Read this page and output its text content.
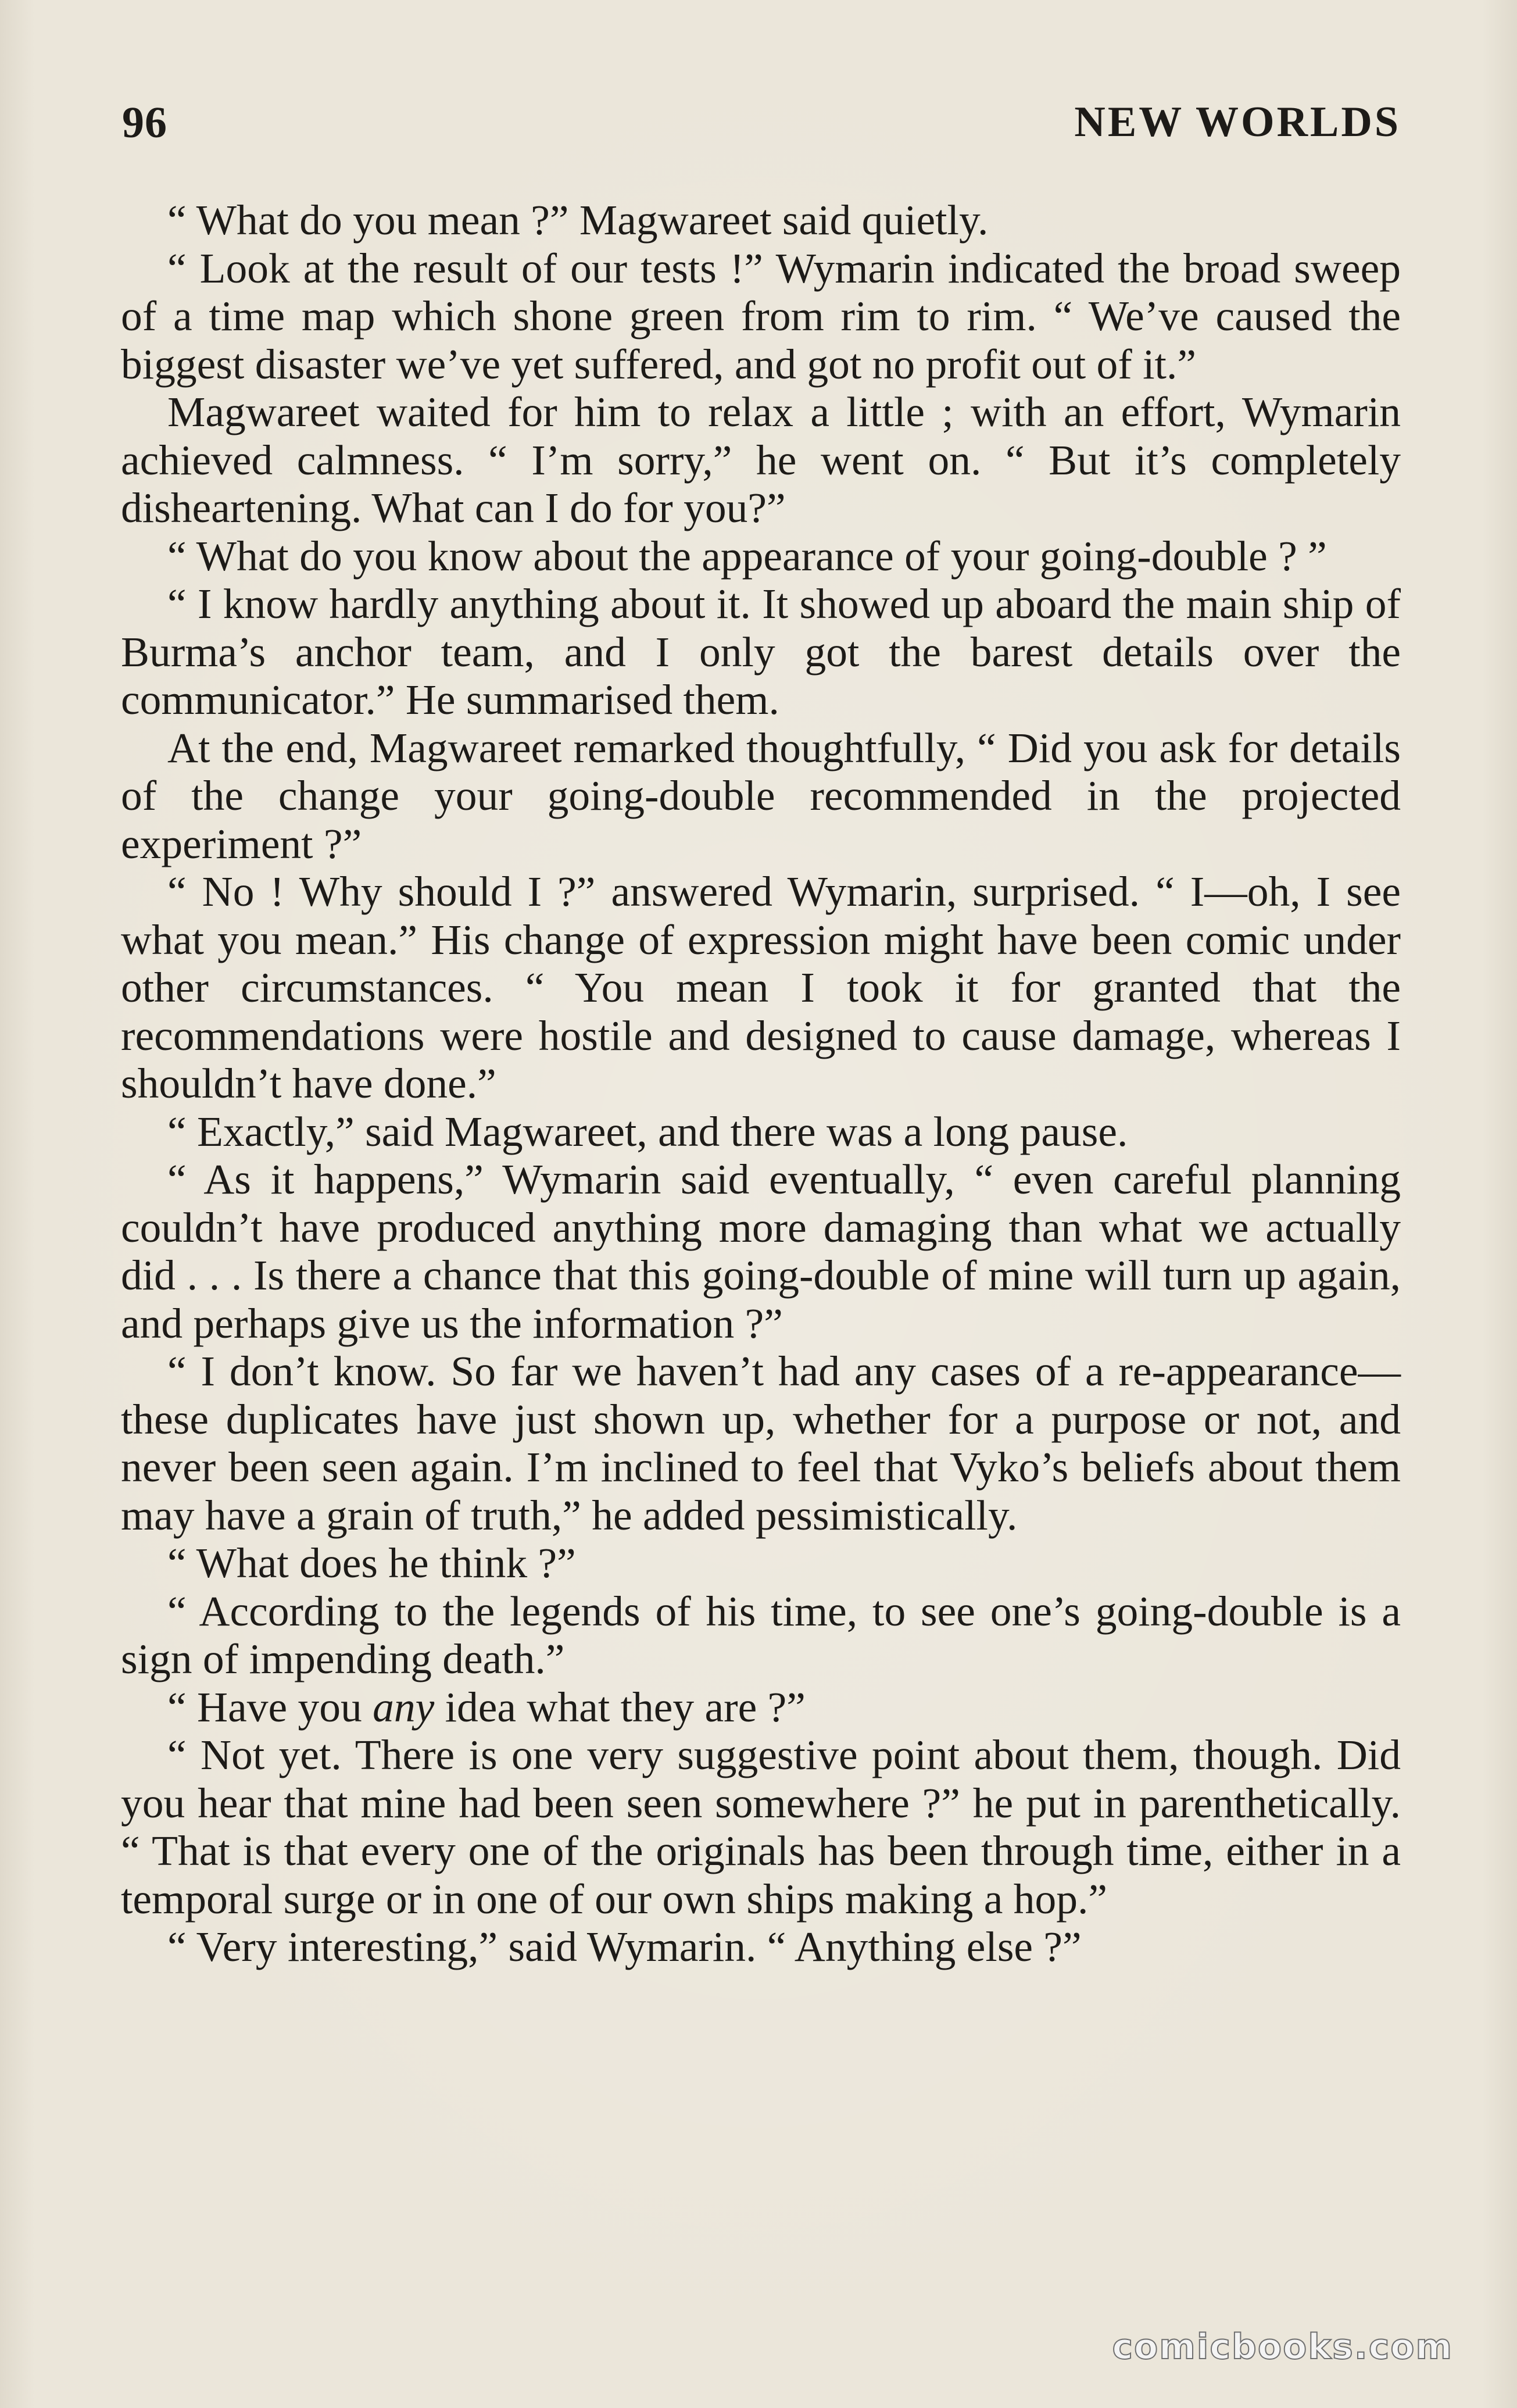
96	NEW WORLDS

“ What do you mean ?” Magwareet said quietly.

“ Look at the result of our tests !” Wymarin indicated the broad sweep of a time map which shone green from rim to rim. “ We’ve caused the biggest disaster we’ve yet suffered, and got no profit out of it.”

Magwareet waited for him to relax a little ; with an effort, Wymarin achieved calmness. “ I’m sorry,” he went on. “ But it’s completely disheartening. What can I do for you?”

“ What do you know about the appearance of your going-double ? ”

“ I know hardly anything about it. It showed up aboard the main ship of Burma’s anchor team, and I only got the barest details over the communicator.” He summarised them.

At the end, Magwareet remarked thoughtfully, “ Did you ask for details of the change your going-double recommended in the projected experiment ?”

“ No ! Why should I ?” answered Wymarin, surprised. “ I—oh, I see what you mean.” His change of expression might have been comic under other circumstances. “ You mean I took it for granted that the recommendations were hostile and designed to cause damage, whereas I shouldn’t have done.”

“ Exactly,” said Magwareet, and there was a long pause.

“ As it happens,” Wymarin said eventually, “ even careful planning couldn’t have produced anything more damaging than what we actually did . . . Is there a chance that this going-double of mine will turn up again, and perhaps give us the information ?”

“ I don’t know. So far we haven’t had any cases of a re-appearance—these duplicates have just shown up, whether for a purpose or not, and never been seen again. I’m inclined to feel that Vyko’s beliefs about them may have a grain of truth,” he added pessimistically.

“ What does he think ?”

“ According to the legends of his time, to see one’s going-double is a sign of impending death.”

“ Have you any idea what they are ?”

“ Not yet. There is one very suggestive point about them, though. Did you hear that mine had been seen somewhere ?” he put in parenthetically. “ That is that every one of the originals has been through time, either in a temporal surge or in one of our own ships making a hop.”

“ Very interesting,” said Wymarin. “ Anything else ?”

comicbooks.com
